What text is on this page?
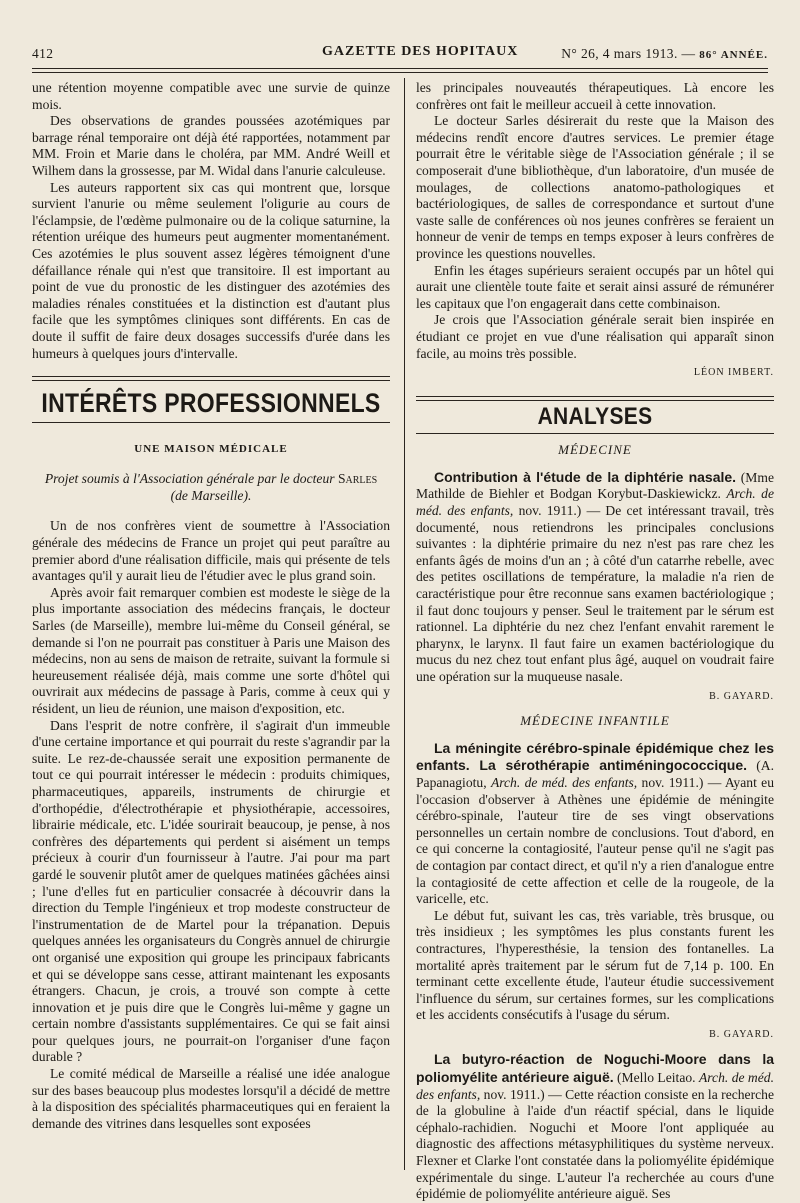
412	GAZETTE DES HOPITAUX	N° 26, 4 mars 1913. — 86° ANNÉE.

une rétention moyenne compatible avec une survie de quinze mois.

Des observations de grandes poussées azotémiques par barrage rénal temporaire ont déjà été rapportées, notamment par MM. Froin et Marie dans le choléra, par MM. André Weill et Wilhem dans la grossesse, par M. Widal dans l'anurie calculeuse.

Les auteurs rapportent six cas qui montrent que, lorsque survient l'anurie ou même seulement l'oligurie au cours de l'éclampsie, de l'œdème pulmonaire ou de la colique saturnine, la rétention uréique des humeurs peut augmenter momentanément. Ces azotémies le plus souvent assez légères témoignent d'une défaillance rénale qui n'est que transitoire. Il est important au point de vue du pronostic de les distinguer des azotémies des maladies rénales constituées et la distinction est d'autant plus facile que les symptômes cliniques sont différents. En cas de doute il suffit de faire deux dosages successifs d'urée dans les humeurs à quelques jours d'intervalle.

INTÉRÊTS PROFESSIONNELS
UNE MAISON MÉDICALE
Projet soumis à l'Association générale par le docteur Sarles
(de Marseille).

Un de nos confrères vient de soumettre à l'Association générale des médecins de France un projet qui peut paraître au premier abord d'une réalisation difficile, mais qui présente de tels avantages qu'il y aurait lieu de l'étudier avec le plus grand soin.

Après avoir fait remarquer combien est modeste le siège de la plus importante association des médecins français, le docteur Sarles (de Marseille), membre lui-même du Conseil général, se demande si l'on ne pourrait pas constituer à Paris une Maison des médecins, non au sens de maison de retraite, suivant la formule si heureusement réalisée déjà, mais comme une sorte d'hôtel qui ouvrirait aux médecins de passage à Paris, comme à ceux qui y résident, un lieu de réunion, une maison d'exposition, etc.

Dans l'esprit de notre confrère, il s'agirait d'un immeuble d'une certaine importance et qui pourrait du reste s'agrandir par la suite. Le rez-de-chaussée serait une exposition permanente de tout ce qui pourrait intéresser le médecin : produits chimiques, pharmaceutiques, appareils, instruments de chirurgie et d'orthopédie, d'électrothérapie et physiothérapie, accessoires, librairie médicale, etc. L'idée sourirait beaucoup, je pense, à nos confrères des départements qui perdent si aisément un temps précieux à courir d'un fournisseur à l'autre. J'ai pour ma part gardé le souvenir plutôt amer de quelques matinées gâchées ainsi ; l'une d'elles fut en particulier consacrée à découvrir dans la direction du Temple l'ingénieux et trop modeste constructeur de l'instrumentation de de Martel pour la trépanation. Depuis quelques années les organisateurs du Congrès annuel de chirurgie ont organisé une exposition qui groupe les principaux fabricants et qui se développe sans cesse, attirant maintenant les exposants étrangers. Chacun, je crois, a trouvé son compte à cette innovation et je puis dire que le Congrès lui-même y gagne un certain nombre d'assistants supplémentaires. Ce qui se fait ainsi pour quelques jours, ne pourrait-on l'organiser d'une façon durable ?

Le comité médical de Marseille a réalisé une idée analogue sur des bases beaucoup plus modestes lorsqu'il a décidé de mettre à la disposition des spécialités pharmaceutiques qui en feraient la demande des vitrines dans lesquelles sont exposées

les principales nouveautés thérapeutiques. Là encore les confrères ont fait le meilleur accueil à cette innovation.

Le docteur Sarles désirerait du reste que la Maison des médecins rendît encore d'autres services. Le premier étage pourrait être le véritable siège de l'Association générale ; il se composerait d'une bibliothèque, d'un laboratoire, d'un musée de moulages, de collections anatomo-pathologiques et bactériologiques, de salles de correspondance et surtout d'une vaste salle de conférences où nos jeunes confrères se feraient un honneur de venir de temps en temps exposer à leurs confrères de province les questions nouvelles.

Enfin les étages supérieurs seraient occupés par un hôtel qui aurait une clientèle toute faite et serait ainsi assuré de rémunérer les capitaux que l'on engagerait dans cette combinaison.

Je crois que l'Association générale serait bien inspirée en étudiant ce projet en vue d'une réalisation qui apparaît sinon facile, au moins très possible.

LÉON IMBERT.
ANALYSES
MÉDECINE

Contribution à l'étude de la diphtérie nasale. (Mme Mathilde de Biehler et Bodgan Korybut-Daskiewickz. Arch. de méd. des enfants, nov. 1911.) — De cet intéressant travail, très documenté, nous retiendrons les principales conclusions suivantes : la diphtérie primaire du nez n'est pas rare chez les enfants âgés de moins d'un an ; à côté d'un catarrhe rebelle, avec des petites oscillations de température, la maladie n'a rien de caractéristique pour être reconnue sans examen bactériologique ; il faut donc toujours y penser. Seul le traitement par le sérum est rationnel. La diphtérie du nez chez l'enfant envahit rarement le pharynx, le larynx. Il faut faire un examen bactériologique du mucus du nez chez tout enfant plus âgé, auquel on voudrait faire une opération sur la muqueuse nasale.

B. GAYARD.
MÉDECINE INFANTILE

La méningite cérébro-spinale épidémique chez les enfants. La sérothérapie antiméningococcique. (A. Papanagiotu, Arch. de méd. des enfants, nov. 1911.) — Ayant eu l'occasion d'observer à Athènes une épidémie de méningite cérébro-spinale, l'auteur tire de ses vingt observations personnelles un certain nombre de conclusions. Tout d'abord, en ce qui concerne la contagiosité, l'auteur pense qu'il ne s'agit pas de contagion par contact direct, et qu'il n'y a rien d'analogue entre la contagiosité de cette affection et celle de la rougeole, de la varicelle, etc.

Le début fut, suivant les cas, très variable, très brusque, ou très insidieux ; les symptômes les plus constants furent les contractures, l'hyperesthésie, la tension des fontanelles. La mortalité après traitement par le sérum fut de 7,14 p. 100. En terminant cette excellente étude, l'auteur étudie successivement l'influence du sérum, sur certaines formes, sur les complications et les accidents consécutifs à l'usage du sérum.

B. GAYARD.

La butyro-réaction de Noguchi-Moore dans la poliomyélite antérieure aiguë. (Mello Leitao. Arch. de méd. des enfants, nov. 1911.) — Cette réaction consiste en la recherche de la globuline à l'aide d'un réactif spécial, dans le liquide céphalo-rachidien. Noguchi et Moore l'ont appliquée au diagnostic des affections métasyphilitiques du système nerveux. Flexner et Clarke l'ont constatée dans la poliomyélite épidémique expérimentale du singe. L'auteur l'a recherchée au cours d'une épidémie de poliomyélite antérieure aiguë. Ses
